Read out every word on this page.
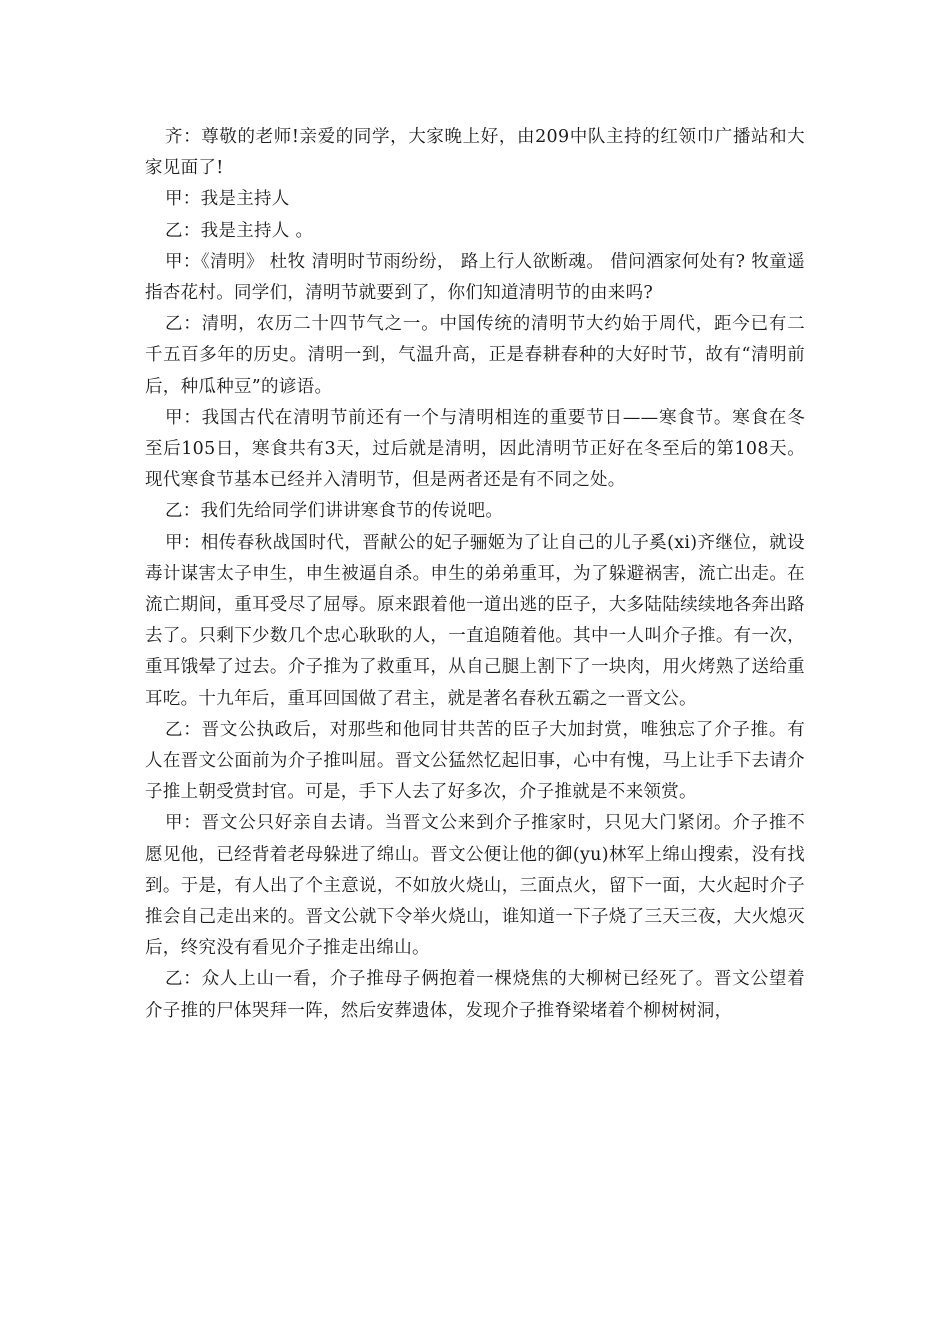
齐：尊敬的老师!亲爱的同学，大家晚上好，由209中队主持的红领巾广播站和大家见面了!

甲：我是主持人

乙：我是主持人 。

甲：《清明》 杜牧 清明时节雨纷纷， 路上行人欲断魂。 借问酒家何处有? 牧童遥指杏花村。同学们，清明节就要到了，你们知道清明节的由来吗?

乙：清明，农历二十四节气之一。中国传统的清明节大约始于周代，距今已有二千五百多年的历史。清明一到，气温升高，正是春耕春种的大好时节，故有“清明前后，种瓜种豆”的谚语。

甲：我国古代在清明节前还有一个与清明相连的重要节日——寒食节。寒食在冬至后105日，寒食共有3天，过后就是清明，因此清明节正好在冬至后的第108天。现代寒食节基本已经并入清明节，但是两者还是有不同之处。

乙：我们先给同学们讲讲寒食节的传说吧。

甲：相传春秋战国时代，晋献公的妃子骊姬为了让自己的儿子奚(xi)齐继位，就设毒计谋害太子申生，申生被逼自杀。申生的弟弟重耳，为了躲避祸害，流亡出走。在流亡期间，重耳受尽了屈辱。原来跟着他一道出逃的臣子，大多陆陆续续地各奔出路去了。只剩下少数几个忠心耿耿的人，一直追随着他。其中一人叫介子推。有一次，重耳饿晕了过去。介子推为了救重耳，从自己腿上割下了一块肉，用火烤熟了送给重耳吃。十九年后，重耳回国做了君主，就是著名春秋五霸之一晋文公。

乙：晋文公执政后，对那些和他同甘共苦的臣子大加封赏，唯独忘了介子推。有人在晋文公面前为介子推叫屈。晋文公猛然忆起旧事，心中有愧，马上让手下去请介子推上朝受赏封官。可是，手下人去了好多次，介子推就是不来领赏。

甲：晋文公只好亲自去请。当晋文公来到介子推家时，只见大门紧闭。介子推不愿见他，已经背着老母躲进了绵山。晋文公便让他的御(yu)林军上绵山搜索，没有找到。于是，有人出了个主意说，不如放火烧山，三面点火，留下一面，大火起时介子推会自己走出来的。晋文公就下令举火烧山，谁知道一下子烧了三天三夜，大火熄灭后，终究没有看见介子推走出绵山。

乙：众人上山一看，介子推母子俩抱着一棵烧焦的大柳树已经死了。晋文公望着介子推的尸体哭拜一阵，然后安葬遗体，发现介子推脊梁堵着个柳树树洞，
